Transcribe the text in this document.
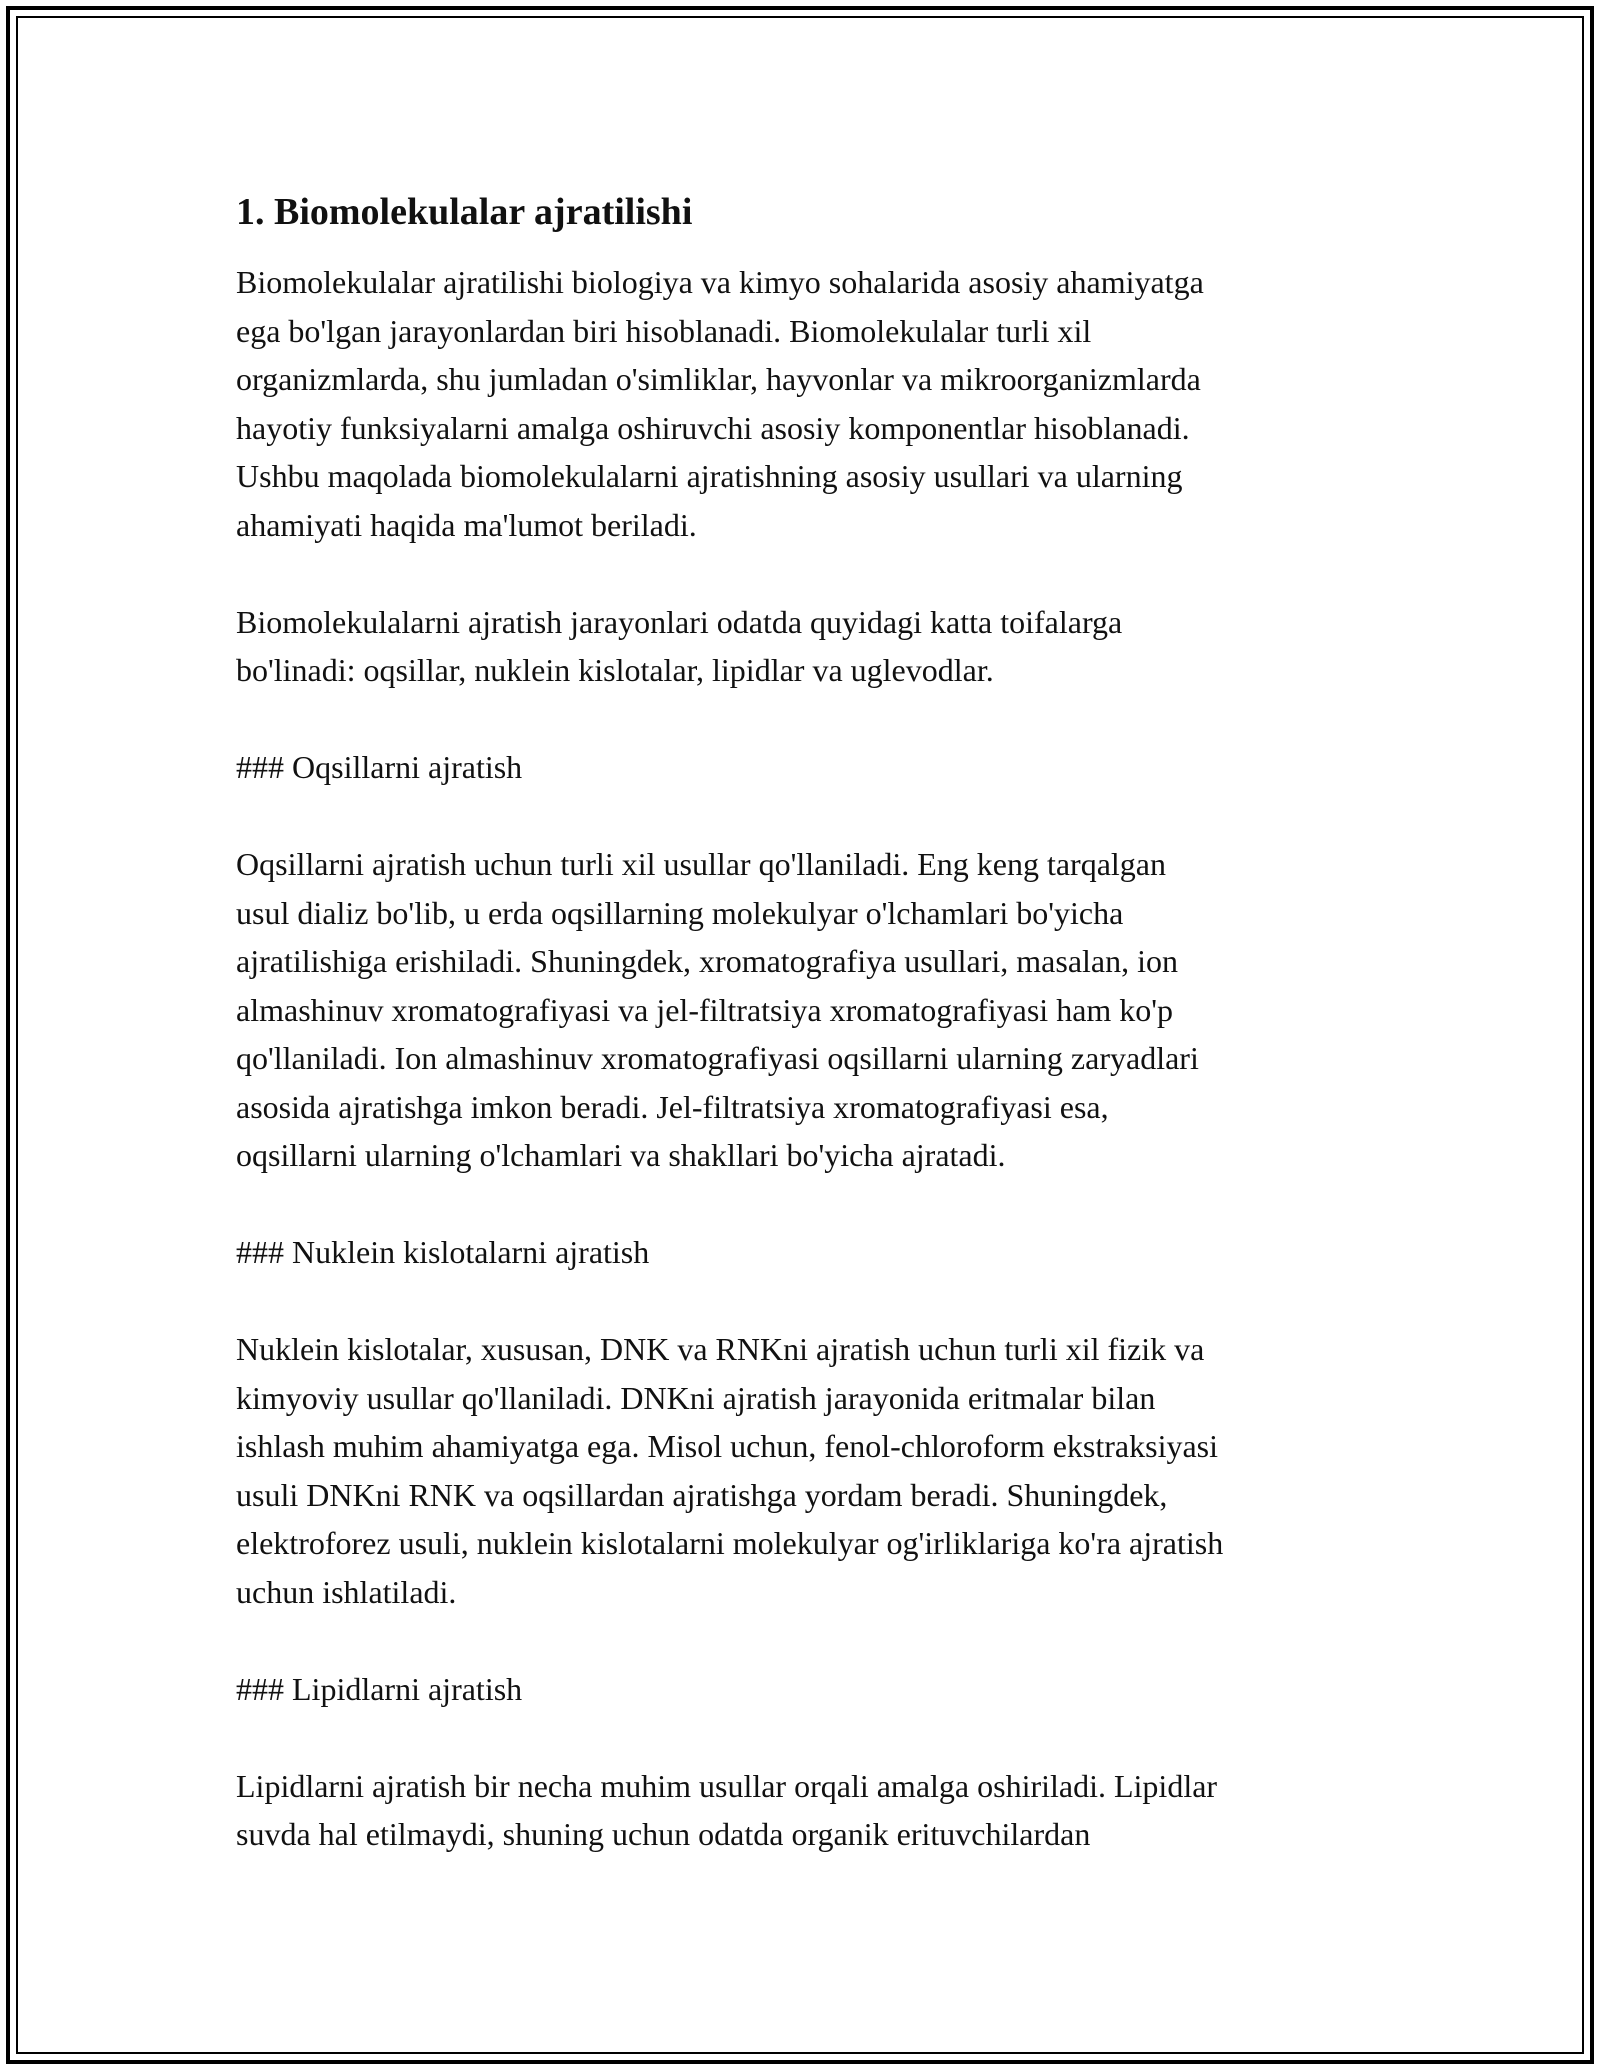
1. Biomolekulalar ajratilishi

Biomolekulalar ajratilishi biologiya va kimyo sohalarida asosiy ahamiyatga
ega bo'lgan jarayonlardan biri hisoblanadi. Biomolekulalar turli xil
organizmlarda, shu jumladan o'simliklar, hayvonlar va mikroorganizmlarda
hayotiy funksiyalarni amalga oshiruvchi asosiy komponentlar hisoblanadi.
Ushbu maqolada biomolekulalarni ajratishning asosiy usullari va ularning
ahamiyati haqida ma'lumot beriladi.

Biomolekulalarni ajratish jarayonlari odatda quyidagi katta toifalarga
bo'linadi: oqsillar, nuklein kislotalar, lipidlar va uglevodlar.

### Oqsillarni ajratish

Oqsillarni ajratish uchun turli xil usullar qo'llaniladi. Eng keng tarqalgan
usul dializ bo'lib, u erda oqsillarning molekulyar o'lchamlari bo'yicha
ajratilishiga erishiladi. Shuningdek, xromatografiya usullari, masalan, ion
almashinuv xromatografiyasi va jel-filtratsiya xromatografiyasi ham ko'p
qo'llaniladi. Ion almashinuv xromatografiyasi oqsillarni ularning zaryadlari
asosida ajratishga imkon beradi. Jel-filtratsiya xromatografiyasi esa,
oqsillarni ularning o'lchamlari va shakllari bo'yicha ajratadi.

### Nuklein kislotalarni ajratish

Nuklein kislotalar, xususan, DNK va RNKni ajratish uchun turli xil fizik va
kimyoviy usullar qo'llaniladi. DNKni ajratish jarayonida eritmalar bilan
ishlash muhim ahamiyatga ega. Misol uchun, fenol-chloroform ekstraksiyasi
usuli DNKni RNK va oqsillardan ajratishga yordam beradi. Shuningdek,
elektroforez usuli, nuklein kislotalarni molekulyar og'irliklariga ko'ra ajratish
uchun ishlatiladi.

### Lipidlarni ajratish

Lipidlarni ajratish bir necha muhim usullar orqali amalga oshiriladi. Lipidlar
suvda hal etilmaydi, shuning uchun odatda organik erituvchilardan
